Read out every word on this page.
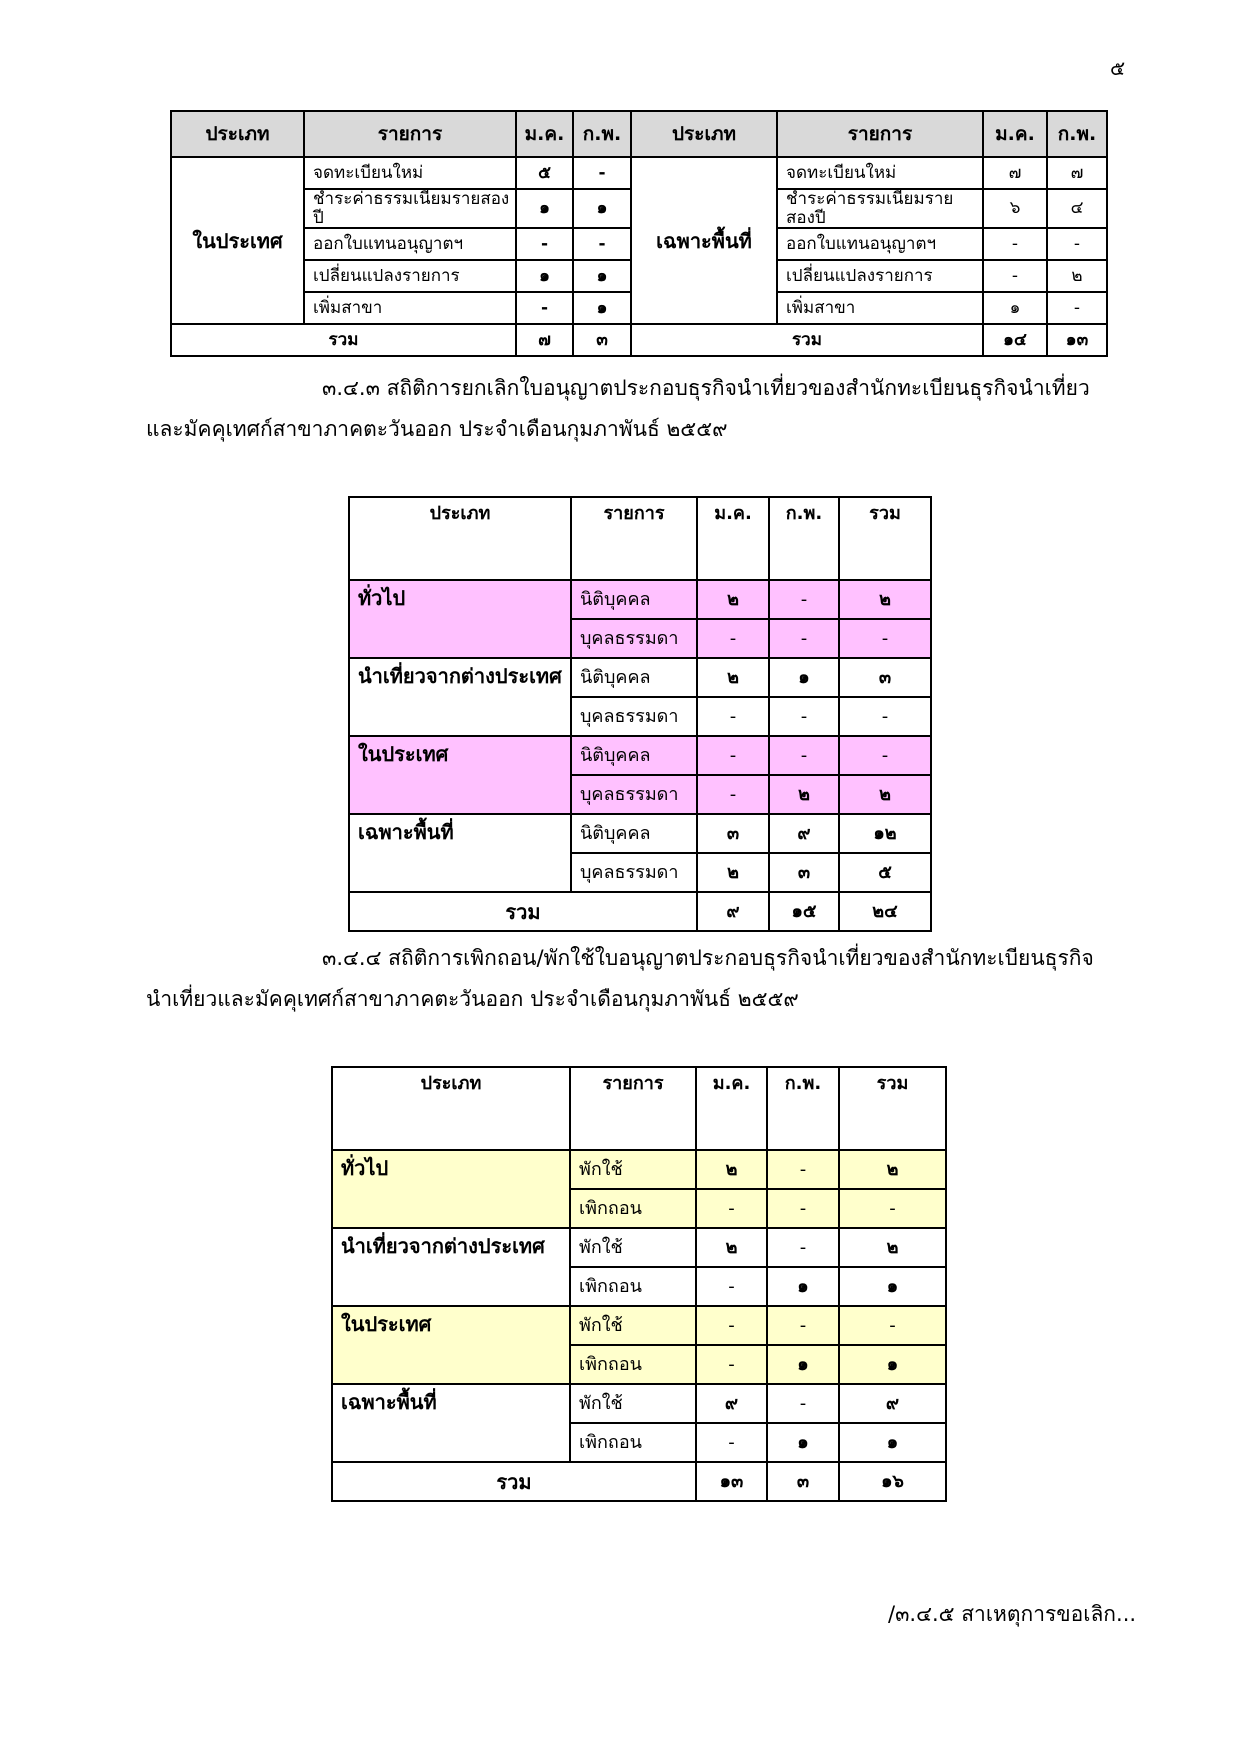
๕
ประเภท	รายการ	ม.ค.	ก.พ.	ประเภท	รายการ	ม.ค.	ก.พ.
ในประเทศ	จดทะเบียนใหม่	๕	-	เฉพาะพื้นที่	จดทะเบียนใหม่	๗	๗
	ชำระค่าธรรมเนียมรายสองปี	๑	๑		ชำระค่าธรรมเนียมรายสองปี	๖	๔
	ออกใบแทนอนุญาตฯ	-	-		ออกใบแทนอนุญาตฯ	-	-
	เปลี่ยนแปลงรายการ	๑	๑		เปลี่ยนแปลงรายการ	-	๒
	เพิ่มสาขา	-	๑		เพิ่มสาขา	๑	-
รวม		๗	๓	รวม		๑๔	๑๓
๓.๔.๓ สถิติการยกเลิกใบอนุญาตประกอบธุรกิจนำเที่ยวของสำนักทะเบียนธุรกิจนำเที่ยว
และมัคคุเทศก์สาขาภาคตะวันออก ประจำเดือนกุมภาพันธ์ ๒๕๕๙
ประเภท	รายการ	ม.ค.	ก.พ.	รวม
ทั่วไป	นิติบุคคล	๒	-	๒
	บุคลธรรมดา	-	-	-
นำเที่ยวจากต่างประเทศ	นิติบุคคล	๒	๑	๓
	บุคลธรรมดา	-	-	-
ในประเทศ	นิติบุคคล	-	-	-
	บุคลธรรมดา	-	๒	๒
เฉพาะพื้นที่	นิติบุคคล	๓	๙	๑๒
	บุคลธรรมดา	๒	๓	๕
รวม		๙	๑๕	๒๔
๓.๔.๔ สถิติการเพิกถอน/พักใช้ใบอนุญาตประกอบธุรกิจนำเที่ยวของสำนักทะเบียนธุรกิจ
นำเที่ยวและมัคคุเทศก์สาขาภาคตะวันออก ประจำเดือนกุมภาพันธ์ ๒๕๕๙
ประเภท	รายการ	ม.ค.	ก.พ.	รวม
ทั่วไป	พักใช้	๒	-	๒
	เพิกถอน	-	-	-
นำเที่ยวจากต่างประเทศ	พักใช้	๒	-	๒
	เพิกถอน	-	๑	๑
ในประเทศ	พักใช้	-	-	-
	เพิกถอน	-	๑	๑
เฉพาะพื้นที่	พักใช้	๙	-	๙
	เพิกถอน	-	๑	๑
รวม		๑๓	๓	๑๖
/๓.๔.๕ สาเหตุการขอเลิก...
